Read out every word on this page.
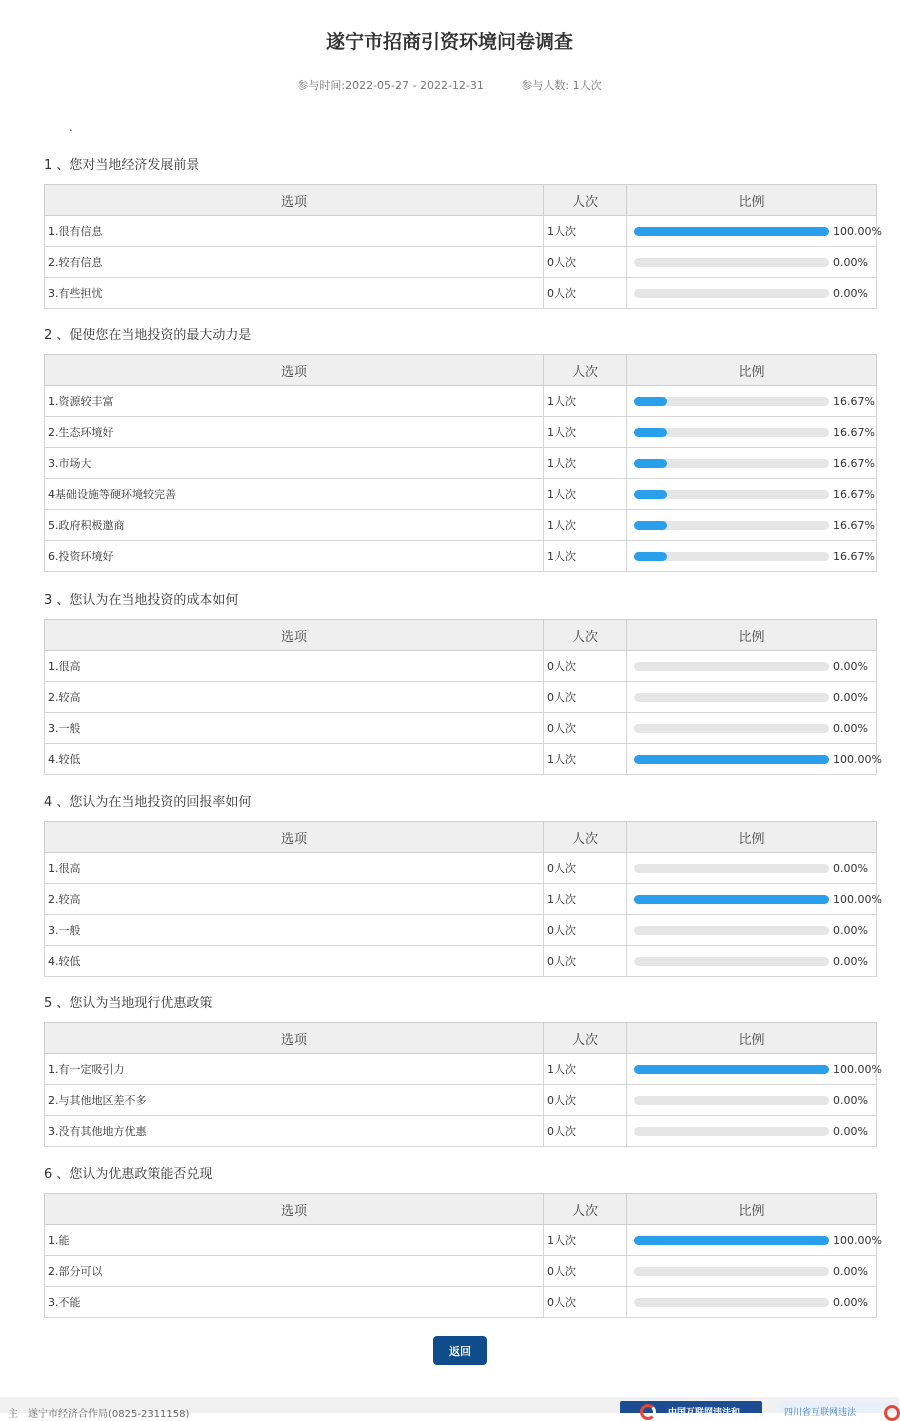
遂宁市招商引资环境问卷调查
参与时间:2022-05-27 - 2022-12-31	参与人数: 1人次
.
1 、您对当地经济发展前景
选项	人次	比例
1.很有信息	1人次	100.00%

2.较有信息	0人次	0.00%

3.有些担忧	0人次	0.00%
2 、促使您在当地投资的最大动力是
选项	人次	比例
1.资源较丰富	1人次	16.67%

2.生态环境好	1人次	16.67%

3.市场大	1人次	16.67%

4基础设施等硬环境较完善	1人次	16.67%

5.政府积极邀商	1人次	16.67%

6.投资环境好	1人次	16.67%
3 、您认为在当地投资的成本如何
选项	人次	比例
1.很高	0人次	0.00%

2.较高	0人次	0.00%

3.一般	0人次	0.00%

4.较低	1人次	100.00%
4 、您认为在当地投资的回报率如何
选项	人次	比例
1.很高	0人次	0.00%

2.较高	1人次	100.00%

3.一般	0人次	0.00%

4.较低	0人次	0.00%
5 、您认为当地现行优惠政策
选项	人次	比例
1.有一定吸引力	1人次	100.00%

2.与其他地区差不多	0人次	0.00%

3.没有其他地方优惠	0人次	0.00%
6 、您认为优惠政策能否兑现
选项	人次	比例
1.能	1人次	100.00%

2.部分可以	0人次	0.00%

3.不能	0人次	0.00%
返回
主　遂宁市经济合作局(0825-2311158)	中国互联网违法和	四川省互联网违法
